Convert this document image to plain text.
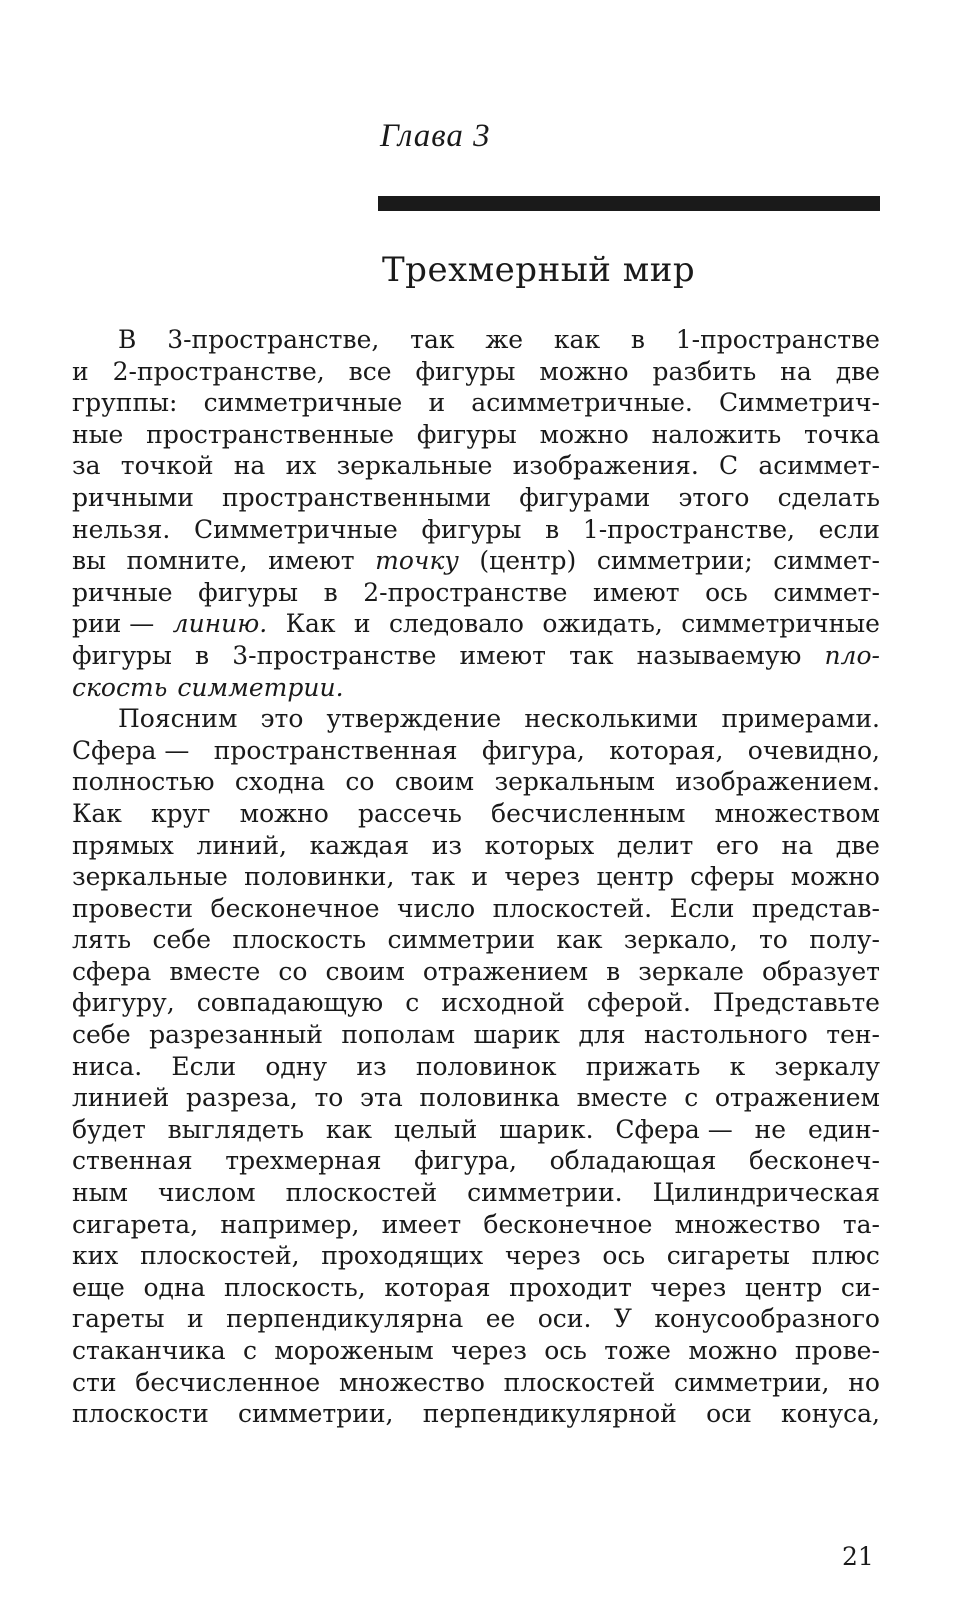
Глава 3
Трехмерный мир
В 3-пространстве, так же как в 1-пространстве
и 2-пространстве, все фигуры можно разбить на две
группы: симметричные и асимметричные. Симметрич-
ные пространственные фигуры можно наложить точка
за точкой на их зеркальные изображения. С асиммет-
ричными пространственными фигурами этого сделать
нельзя. Симметричные фигуры в 1-пространстве, если
вы помните, имеют точку (центр) симметрии; симмет-
ричные фигуры в 2-пространстве имеют ось симмет-
рии — линию. Как и следовало ожидать, симметричные
фигуры в 3-пространстве имеют так называемую пло-
скость симметрии.
Поясним это утверждение несколькими примерами.
Сфера — пространственная фигура, которая, очевидно,
полностью сходна со своим зеркальным изображением.
Как круг можно рассечь бесчисленным множеством
прямых линий, каждая из которых делит его на две
зеркальные половинки, так и через центр сферы можно
провести бесконечное число плоскостей. Если представ-
лять себе плоскость симметрии как зеркало, то полу-
сфера вместе со своим отражением в зеркале образует
фигуру, совпадающую с исходной сферой. Представьте
себе разрезанный пополам шарик для настольного тен-
ниса. Если одну из половинок прижать к зеркалу
линией разреза, то эта половинка вместе с отражением
будет выглядеть как целый шарик. Сфера — не един-
ственная трехмерная фигура, обладающая бесконеч-
ным числом плоскостей симметрии. Цилиндрическая
сигарета, например, имеет бесконечное множество та-
ких плоскостей, проходящих через ось сигареты плюс
еще одна плоскость, которая проходит через центр си-
гареты и перпендикулярна ее оси. У конусообразного
стаканчика с мороженым через ось тоже можно прове-
сти бесчисленное множество плоскостей симметрии, но
плоскости симметрии, перпендикулярной оси конуса,
21
